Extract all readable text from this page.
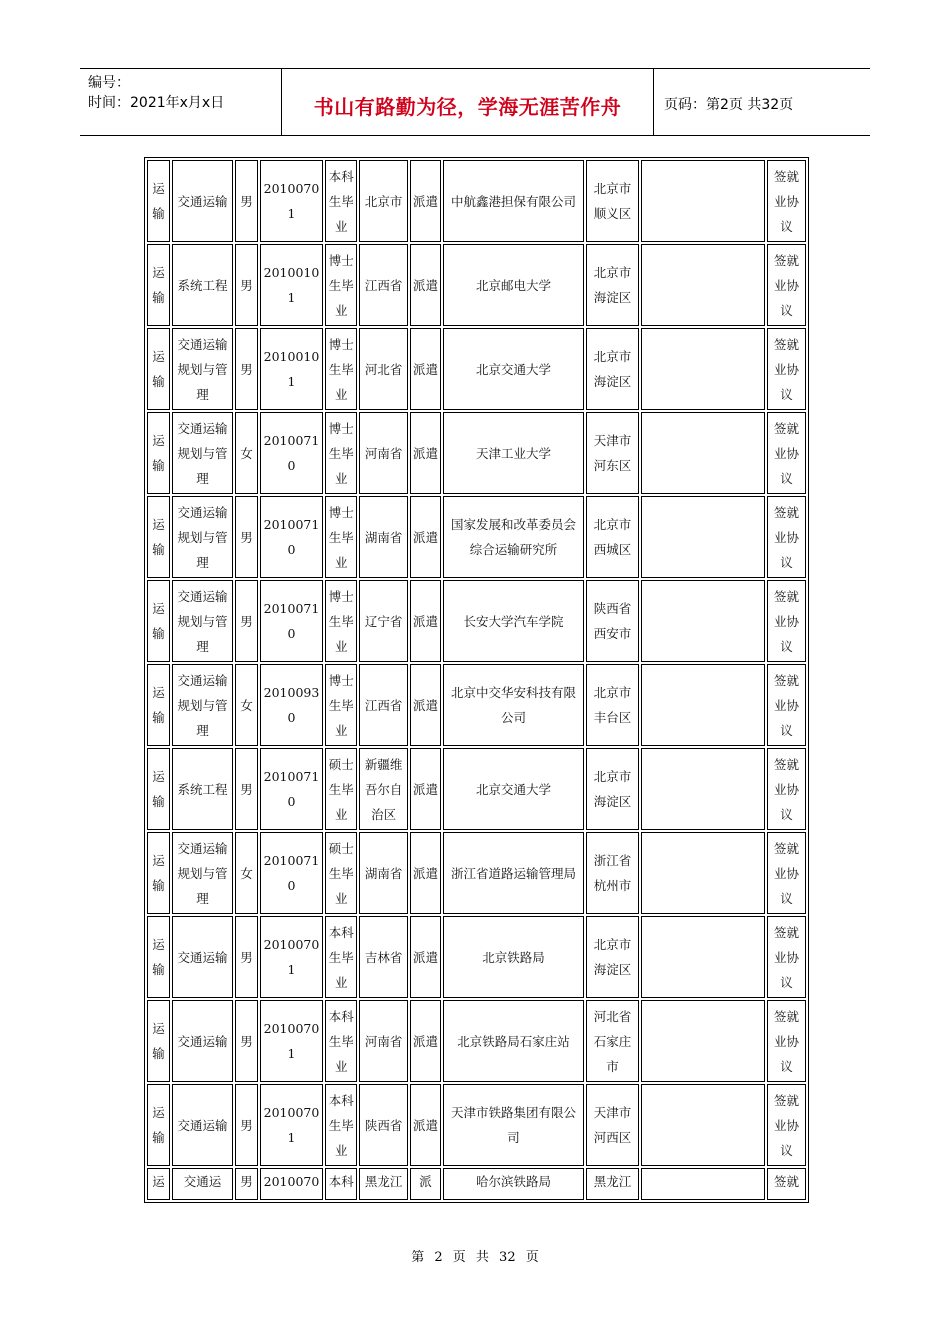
编号：
时间：2021年x月x日	书山有路勤为径，学海无涯苦作舟	页码：第2页 共32页
运输	交通运输	男	20100701	本科生毕业	北京市	派遣	中航鑫港担保有限公司	北京市顺义区		签就业协议
运输	系统工程	男	20100101	博士生毕业	江西省	派遣	北京邮电大学	北京市海淀区		签就业协议
运输	交通运输规划与管理	男	20100101	博士生毕业	河北省	派遣	北京交通大学	北京市海淀区		签就业协议
运输	交通运输规划与管理	女	20100710	博士生毕业	河南省	派遣	天津工业大学	天津市河东区		签就业协议
运输	交通运输规划与管理	男	20100710	博士生毕业	湖南省	派遣	国家发展和改革委员会综合运输研究所	北京市西城区		签就业协议
运输	交通运输规划与管理	男	20100710	博士生毕业	辽宁省	派遣	长安大学汽车学院	陕西省西安市		签就业协议
运输	交通运输规划与管理	女	20100930	博士生毕业	江西省	派遣	北京中交华安科技有限公司	北京市丰台区		签就业协议
运输	系统工程	男	20100710	硕士生毕业	新疆维吾尔自治区	派遣	北京交通大学	北京市海淀区		签就业协议
运输	交通运输规划与管理	女	20100710	硕士生毕业	湖南省	派遣	浙江省道路运输管理局	浙江省杭州市		签就业协议
运输	交通运输	男	20100701	本科生毕业	吉林省	派遣	北京铁路局	北京市海淀区		签就业协议
运输	交通运输	男	20100701	本科生毕业	河南省	派遣	北京铁路局石家庄站	河北省石家庄市		签就业协议
运输	交通运输	男	20100701	本科生毕业	陕西省	派遣	天津市铁路集团有限公司	天津市河西区		签就业协议
运	交通运	男	2010070	本科	黑龙江	派	哈尔滨铁路局	黑龙江		签就
第 2 页 共 32 页
